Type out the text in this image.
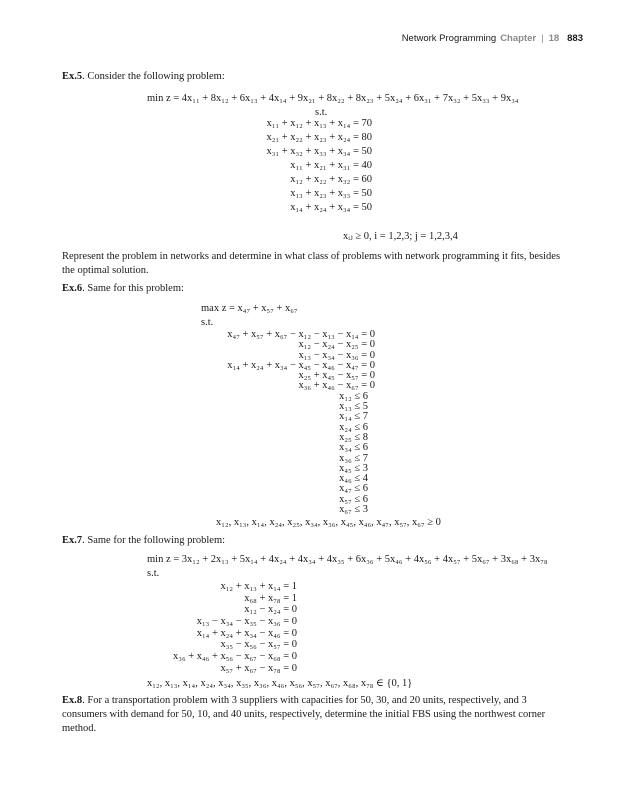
Network Programming Chapter | 18 883
Ex.5. Consider the following problem:
min z = 4x₁₁ + 8x₁₂ + 6x₁₃ + 4x₁₄ + 9x₂₁ + 8x₂₂ + 8x₂₃ + 5x₂₄ + 6x₃₁ + 7x₃₂ + 5x₃₃ + 9x₃₄
s.t.
x₁₁ + x₁₂ + x₁₃ + x₁₄ = 70
x₂₁ + x₂₂ + x₂₃ + x₂₄ = 80
x₃₁ + x₃₂ + x₃₃ + x₃₄ = 50
x₁₁ + x₂₁ + x₃₁ = 40
x₁₂ + x₂₂ + x₃₂ = 60
x₁₃ + x₂₃ + x₃₃ = 50
x₁₄ + x₂₄ + x₃₄ = 50
xᵢⱼ ≥ 0, i = 1,2,3; j = 1,2,3,4
Represent the problem in networks and determine in what class of problems with network programming it fits, besides the optimal solution.
Ex.6. Same for this problem:
max z = x₄₇ + x₅₇ + x₆₇
s.t.
x₄₇ + x₅₇ + x₆₇ − x₁₂ − x₁₃ − x₁₄ = 0
x₁₂ − x₂₄ − x₂₅ = 0
x₁₃ − x₃₄ − x₃₆ = 0
x₁₄ + x₂₄ + x₃₄ − x₄₅ − x₄₆ − x₄₇ = 0
x₂₅ + x₄₅ − x₅₇ = 0
x₃₆ + x₄₆ − x₆₇ = 0
x₁₂ ≤ 6
x₁₃ ≤ 5
x₁₄ ≤ 7
x₂₄ ≤ 6
x₂₅ ≤ 8
x₃₄ ≤ 6
x₃₆ ≤ 7
x₄₅ ≤ 3
x₄₆ ≤ 4
x₄₇ ≤ 6
x₅₇ ≤ 6
x₆₇ ≤ 3
x₁₂, x₁₃, x₁₄, x₂₄, x₂₅, x₃₄, x₃₆, x₄₅, x₄₆, x₄₇, x₅₇, x₆₇ ≥ 0
Ex.7. Same for the following problem:
min z = 3x₁₂ + 2x₁₃ + 5x₁₄ + 4x₂₄ + 4x₃₄ + 4x₃₅ + 6x₃₆ + 5x₄₆ + 4x₅₆ + 4x₅₇ + 5x₆₇ + 3x₆₈ + 3x₇₈
s.t.
x₁₂ + x₁₃ + x₁₄ = 1
x₆₈ + x₇₈ = 1
x₁₂ − x₂₄ = 0
x₁₃ − x₃₄ − x₃₅ − x₃₆ = 0
x₁₄ + x₂₄ + x₃₄ − x₄₆ = 0
x₃₅ − x₅₆ − x₅₇ = 0
x₃₆ + x₄₆ + x₅₆ − x₆₇ − x₆₈ = 0
x₅₇ + x₆₇ − x₇₈ = 0
x₁₂, x₁₃, x₁₄, x₂₄, x₃₄, x₃₅, x₃₆, x₄₆, x₅₆, x₅₇, x₆₇, x₆₈, x₇₈ ∈ {0, 1}
Ex.8. For a transportation problem with 3 suppliers with capacities for 50, 30, and 20 units, respectively, and 3 consumers with demand for 50, 10, and 40 units, respectively, determine the initial FBS using the northwest corner method.
